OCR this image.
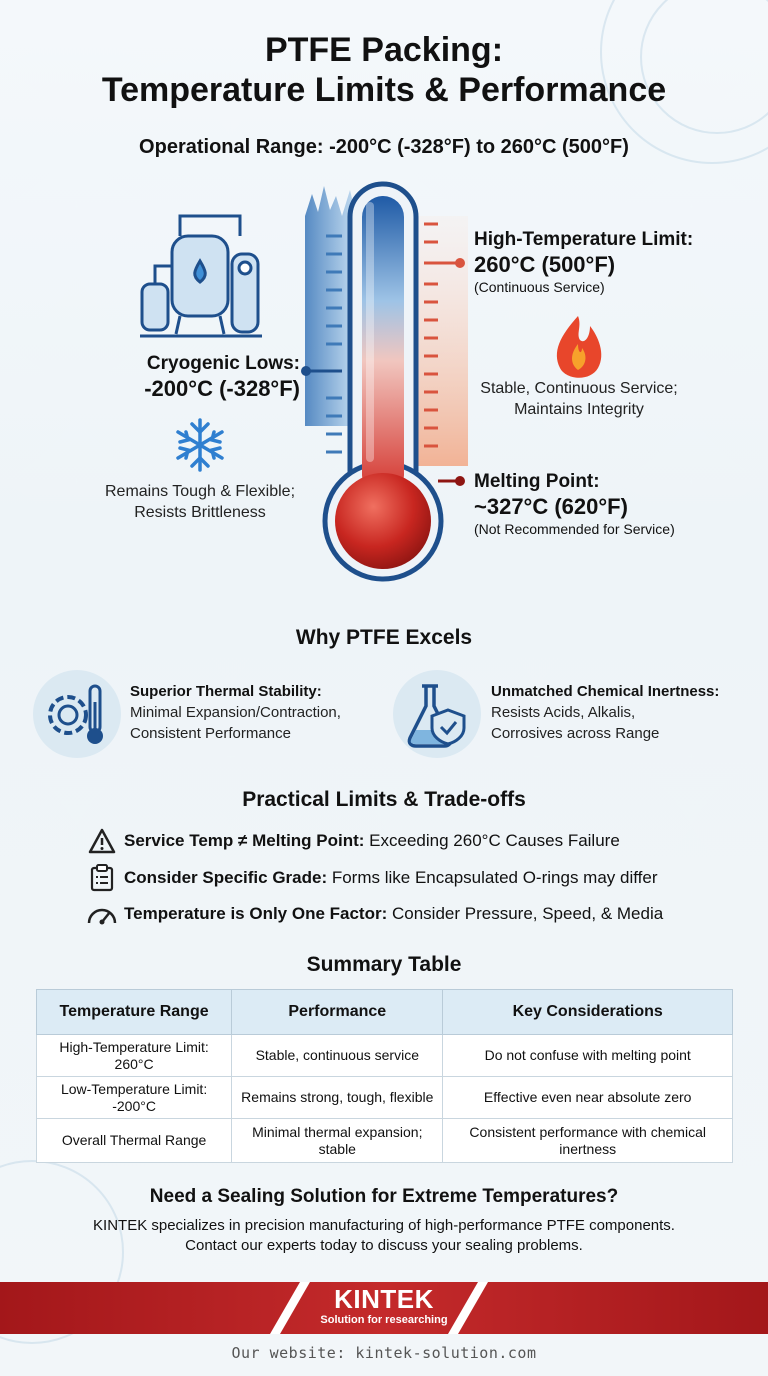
PTFE Packing:
Temperature Limits & Performance
Operational Range: -200°C (-328°F) to 260°C (500°F)
High-Temperature Limit:
260°C (500°F)
(Continuous Service)
Stable, Continuous Service;
Maintains Integrity
Melting Point:
~327°C (620°F)
(Not Recommended for Service)
Cryogenic Lows:
-200°C (-328°F)
Remains Tough & Flexible;
Resists Brittleness
Why PTFE Excels
Superior Thermal Stability:
Minimal Expansion/Contraction,
Consistent Performance
Unmatched Chemical Inertness:
Resists Acids, Alkalis,
Corrosives across Range
Practical Limits & Trade-offs
Service Temp ≠ Melting Point: Exceeding 260°C Causes Failure
Consider Specific Grade: Forms like Encapsulated O-rings may differ
Temperature is Only One Factor: Consider Pressure, Speed, & Media
Summary Table
Temperature Range	Performance	Key Considerations
High-Temperature Limit: 260°C	Stable, continuous service	Do not confuse with melting point
Low-Temperature Limit: -200°C	Remains strong, tough, flexible	Effective even near absolute zero
Overall Thermal Range	Minimal thermal expansion; stable	Consistent performance with chemical inertness
Need a Sealing Solution for Extreme Temperatures?
KINTEK specializes in precision manufacturing of high-performance PTFE components.
Contact our experts today to discuss your sealing problems.
KINTEK
Solution for researching
Our website: kintek-solution.com
